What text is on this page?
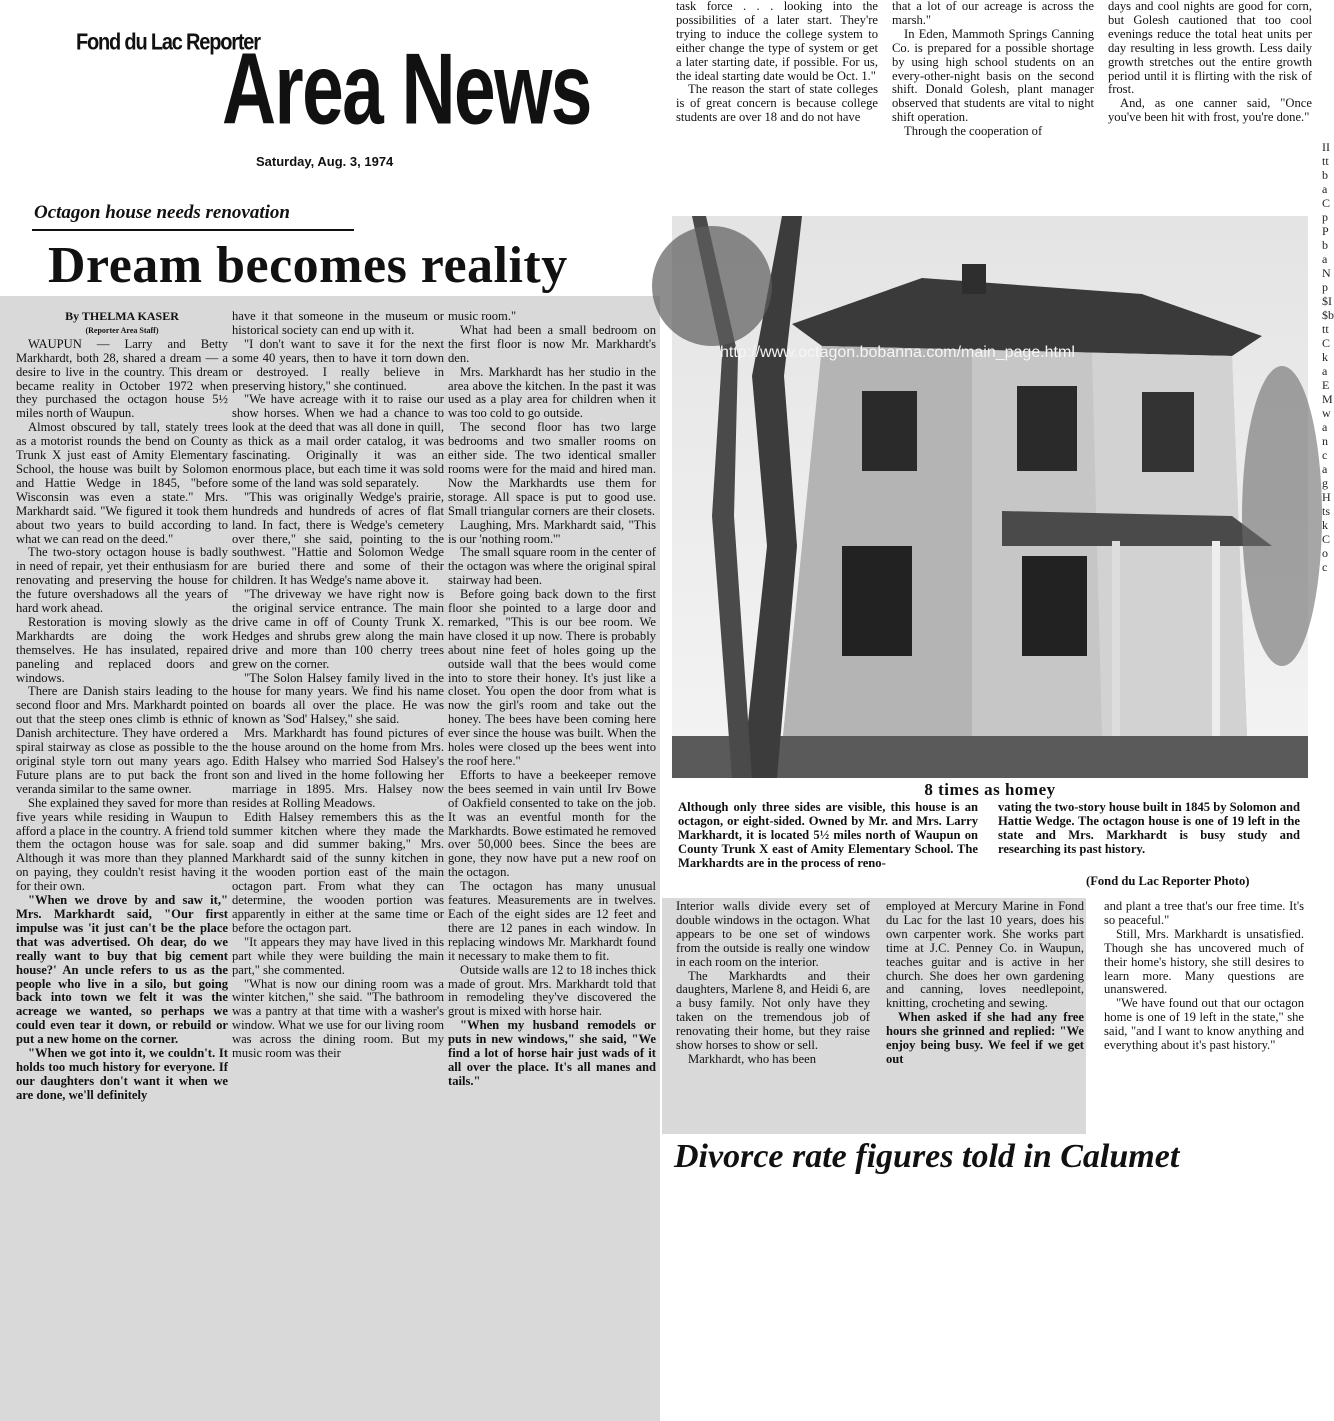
Fond du Lac Reporter
Area News
Saturday, Aug. 3, 1974
Octagon house needs renovation
Dream becomes reality
By THELMA KASER
(Reporter Area Staff)

WAUPUN — Larry and Betty Markhardt, both 28, shared a dream — a desire to live in the country. This dream became reality in October 1972 when they purchased the octagon house 5½ miles north of Waupun.

Almost obscured by tall, stately trees as a motorist rounds the bend on County Trunk X just east of Amity Elementary School, the house was built by Solomon and Hattie Wedge in 1845, "before Wisconsin was even a state." Mrs. Markhardt said. "We figured it took them about two years to build according to what we can read on the deed."

The two-story octagon house is badly in need of repair, yet their enthusiasm for renovating and preserving the house for the future overshadows all the years of hard work ahead.

Restoration is moving slowly as the Markhardts are doing the work themselves. He has insulated, repaired paneling and replaced doors and windows.

There are Danish stairs leading to the second floor and Mrs. Markhardt pointed out that the steep ones climb is ethnic of Danish architecture. They have ordered a spiral stairway as close as possible to the original style torn out many years ago. Future plans are to put back the front veranda similar to the same owner.

She explained they saved for more than five years while residing in Waupun to afford a place in the country. A friend told them the octagon house was for sale. Although it was more than they planned on paying, they couldn't resist having it for their own.

"When we drove by and saw it," Mrs. Markhardt said, "Our first impulse was 'it just can't be the place that was advertised. Oh dear, do we really want to buy that big cement house?' An uncle refers to us as the people who live in a silo, but going back into town we felt it was the acreage we wanted, so perhaps we could even tear it down, or rebuild or put a new home on the corner.

"When we got into it, we couldn't. It holds too much history for everyone. If our daughters don't want it when we are done, we'll definitely

have it that someone in the museum or historical society can end up with it.

"I don't want to save it for the next some 40 years, then to have it torn down or destroyed. I really believe in preserving history," she continued.

"We have acreage with it to raise our show horses. When we had a chance to look at the deed that was all done in quill, as thick as a mail order catalog, it was fascinating. Originally it was an enormous place, but each time it was sold some of the land was sold separately.

"This was originally Wedge's prairie, hundreds and hundreds of acres of flat land. In fact, there is Wedge's cemetery over there," she said, pointing to the southwest. "Hattie and Solomon Wedge are buried there and some of their children. It has Wedge's name above it.

"The driveway we have right now is the original service entrance. The main drive came in off of County Trunk X. Hedges and shrubs grew along the main drive and more than 100 cherry trees grew on the corner.

"The Solon Halsey family lived in the house for many years. We find his name on boards all over the place. He was known as 'Sod' Halsey," she said.

Mrs. Markhardt has found pictures of the house around on the home from Mrs. Edith Halsey who married Sod Halsey's son and lived in the home following her marriage in 1895. Mrs. Halsey now resides at Rolling Meadows.

Edith Halsey remembers this as the summer kitchen where they made the soap and did summer baking," Mrs. Markhardt said of the sunny kitchen in the wooden portion east of the main octagon part. From what they can determine, the wooden portion was apparently in either at the same time or before the octagon part.

"It appears they may have lived in this part while they were building the main part," she commented.

"What is now our dining room was a winter kitchen," she said. "The bathroom was a pantry at that time with a washer's window. What we use for our living room was across the dining room. But my music room was their

music room."

What had been a small bedroom on the first floor is now Mr. Markhardt's den.

Mrs. Markhardt has her studio in the area above the kitchen. In the past it was used as a play area for children when it was too cold to go outside.

The second floor has two large bedrooms and two smaller rooms on either side. The two identical smaller rooms were for the maid and hired man. Now the Markhardts use them for storage. All space is put to good use. Small triangular corners are their closets.

Laughing, Mrs. Markhardt said, "This is our 'nothing room.'"

The small square room in the center of the octagon was where the original spiral stairway had been.

Before going back down to the first floor she pointed to a large door and remarked, "This is our bee room. We have closed it up now. There is probably about nine feet of holes going up the outside wall that the bees would come into to store their honey. It's just like a closet. You open the door from what is now the girl's room and take out the honey. The bees have been coming here ever since the house was built. When the holes were closed up the bees went into the roof here."

Efforts to have a beekeeper remove the bees seemed in vain until Irv Bowe of Oakfield consented to take on the job. It was an eventful month for the Markhardts. Bowe estimated he removed over 50,000 bees. Since the bees are gone, they now have put a new roof on the octagon.

The octagon has many unusual features. Measurements are in twelves. Each of the eight sides are 12 feet and there are 12 panes in each window. In replacing windows Mr. Markhardt found it necessary to make them to fit.

Outside walls are 12 to 18 inches thick made of grout. Mrs. Markhardt told that in remodeling they've discovered the grout is mixed with horse hair.

"When my husband remodels or puts in new windows," she said, "We find a lot of horse hair just wads of it all over the place. It's all manes and tails."

task force . . . looking into the possibilities of a later start. They're trying to induce the college system to either change the type of system or get a later starting date, if possible. For us, the ideal starting date would be Oct. 1."

The reason the start of state colleges is of great concern is because college students are over 18 and do not have

that a lot of our acreage is across the marsh."

In Eden, Mammoth Springs Canning Co. is prepared for a possible shortage by using high school students on an every-other-night basis on the second shift. Donald Golesh, plant manager observed that students are vital to night shift operation.

Through the cooperation of

days and cool nights are good for corn, but Golesh cautioned that too cool evenings reduce the total heat units per day resulting in less growth. Less daily growth stretches out the entire growth period until it is flirting with the risk of frost.

And, as one canner said, "Once you've been hit with frost, you're done."

http://www.octagon.bobanna.com/main_page.html
8 times as homey
Although only three sides are visible, this house is an octagon, or eight-sided. Owned by Mr. and Mrs. Larry Markhardt, it is located 5½ miles north of Waupun on County Trunk X east of Amity Elementary School. The Markhardts are in the process of reno-
vating the two-story house built in 1845 by Solomon and Hattie Wedge. The octagon house is one of 19 left in the state and Mrs. Markhardt is busy study and researching its past history.
(Fond du Lac Reporter Photo)

Interior walls divide every set of double windows in the octagon. What appears to be one set of windows from the outside is really one window in each room on the interior.

The Markhardts and their daughters, Marlene 8, and Heidi 6, are a busy family. Not only have they taken on the tremendous job of renovating their home, but they raise show horses to show or sell.

Markhardt, who has been

employed at Mercury Marine in Fond du Lac for the last 10 years, does his own carpenter work. She works part time at J.C. Penney Co. in Waupun, teaches guitar and is active in her church. She does her own gardening and canning, loves needlepoint, knitting, crocheting and sewing.

When asked if she had any free hours she grinned and replied: "We enjoy being busy. We feel if we get out

and plant a tree that's our free time. It's so peaceful."

Still, Mrs. Markhardt is unsatisfied. Though she has uncovered much of their home's history, she still desires to learn more. Many questions are unanswered.

"We have found out that our octagon home is one of 19 left in the state," she said, "and I want to know anything and everything about it's past history."

Divorce rate figures told in Calumet
IIttbaCpPbaNp$I$bttCkaEMwancagHtskC oc
